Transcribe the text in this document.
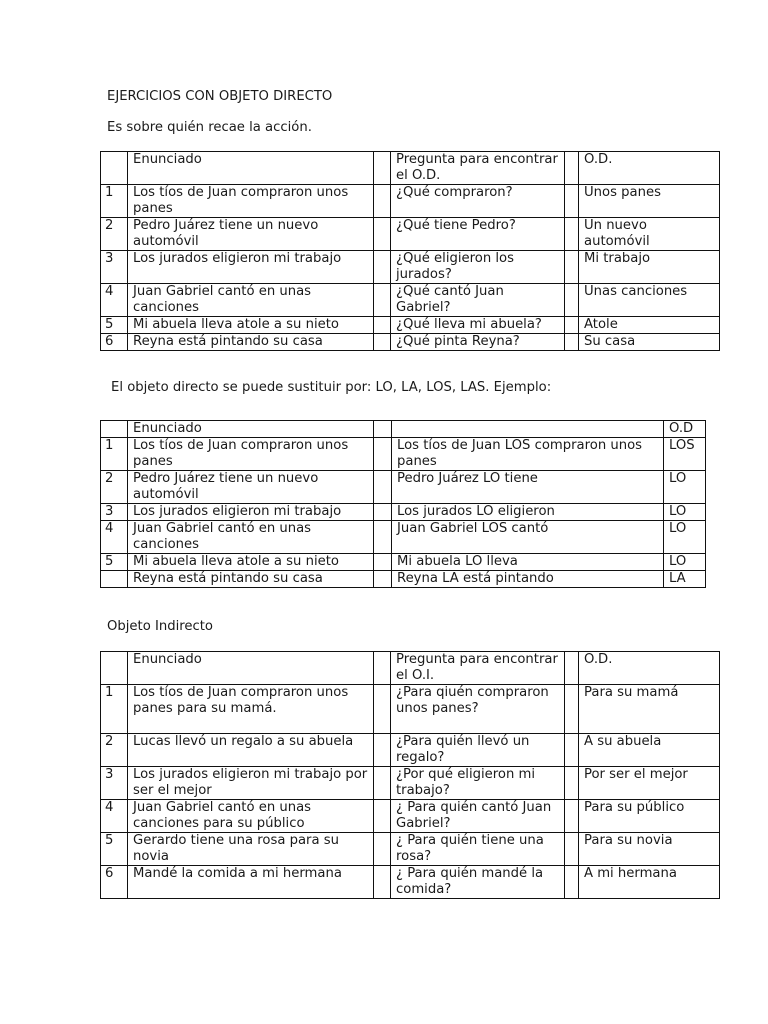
EJERCICIOS CON OBJETO DIRECTO
Es sobre quién recae la acción.
	Enunciado		Pregunta para encontrar el O.D.		O.D.
1	Los tíos de Juan compraron unos panes		¿Qué compraron?		Unos panes
2	Pedro Juárez tiene un nuevo automóvil		¿Qué tiene Pedro?		Un nuevo automóvil
3	Los jurados eligieron mi trabajo		¿Qué eligieron los jurados?		Mi trabajo
4	Juan Gabriel cantó en unas canciones		¿Qué cantó Juan Gabriel?		Unas canciones
5	Mi abuela lleva atole a su nieto		¿Qué lleva mi abuela?		Atole
6	Reyna está pintando su casa		¿Qué pinta Reyna?		Su casa
El objeto directo se puede sustituir por: LO, LA, LOS, LAS. Ejemplo:
	Enunciado			O.D
1	Los tíos de Juan compraron unos panes		Los tíos de Juan LOS compraron unos panes	LOS
2	Pedro Juárez tiene un nuevo automóvil		Pedro Juárez LO tiene	LO
3	Los jurados eligieron mi trabajo		Los jurados LO eligieron	LO
4	Juan Gabriel cantó en unas canciones		Juan Gabriel LOS cantó	LO
5	Mi abuela lleva atole a su nieto		Mi abuela LO lleva	LO
	Reyna está pintando su casa		Reyna LA está pintando	LA
Objeto Indirecto
	Enunciado		Pregunta para encontrar el O.I.		O.D.
1	Los tíos de Juan compraron unos panes para su mamá.		¿Para qiuén compraron unos panes?		Para su mamá
2	Lucas llevó un regalo a su abuela		¿Para quién llevó un regalo?		A su abuela
3	Los jurados eligieron mi trabajo por ser el mejor		¿Por qué eligieron mi trabajo?		Por ser el mejor
4	Juan Gabriel cantó en unas canciones para su público		¿ Para quién cantó Juan Gabriel?		Para su público
5	Gerardo tiene una rosa para su novia		¿ Para quién tiene una rosa?		Para su novia
6	Mandé la comida a mi hermana		¿ Para quién mandé la comida?		A mi hermana
